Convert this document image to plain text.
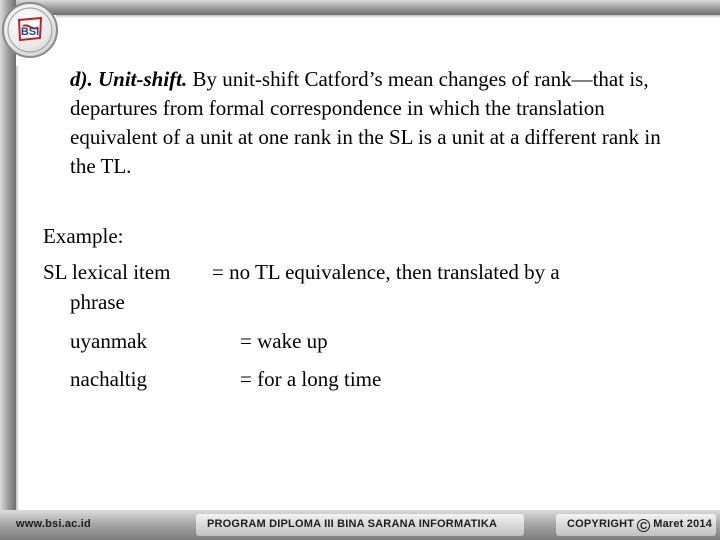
BSI
d). Unit-shift. By unit-shift Catford’s mean changes of rank—that is, departures from formal correspondence in which the translation equivalent of a unit at one rank in the SL is a unit at a different rank in the TL.
Example:
SL lexical item = no TL equivalence, then translated by a
phrase
uyanmak	= wake up
nachaltig	= for a long time
www.bsi.ac.id	PROGRAM DIPLOMA III BINA SARANA INFORMATIKA	COPYRIGHT C Maret 2014
